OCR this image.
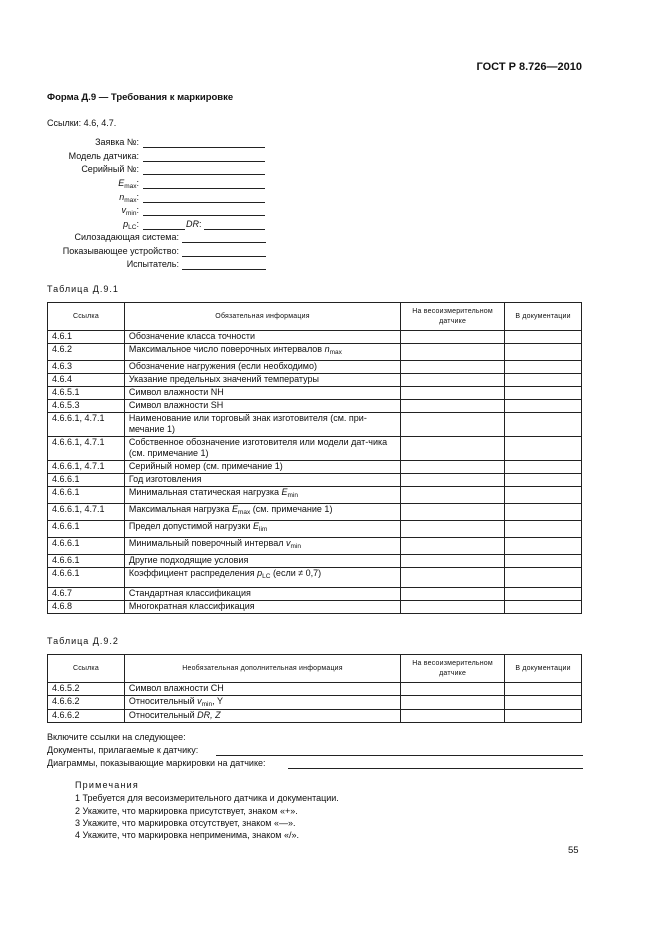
ГОСТ Р 8.726—2010
Форма Д.9 — Требования к маркировке
Ссылки: 4.6, 4.7.
Заявка №:
Модель датчика:
Серийный №:
$E_{max}$:
$n_{max}$:
$v_{min}$:
$p_{LC}$:	DR:
Силозадающая система:
Показывающее устройство:
Испытатель:
Таблица Д.9.1
Ссылка	Обязательная информация	На весоизмерительном датчике	В документации
4.6.1	Обозначение класса точности		
4.6.2	Максимальное число поверочных интервалов $n_{max}$		
4.6.3	Обозначение нагружения (если необходимо)		
4.6.4	Указание предельных значений температуры		
4.6.5.1	Символ влажности NH		
4.6.5.3	Символ влажности SH		
4.6.6.1, 4.7.1	Наименование или торговый знак изготовителя (см. при-мечание 1)		
4.6.6.1, 4.7.1	Собственное обозначение изготовителя или модели дат-чика (см. примечание 1)		
4.6.6.1, 4.7.1	Серийный номер (см. примечание 1)		
4.6.6.1	Год изготовления		
4.6.6.1	Минимальная статическая нагрузка $E_{min}$		
4.6.6.1, 4.7.1	Максимальная нагрузка $E_{max}$ (см. примечание 1)		
4.6.6.1	Предел допустимой нагрузки $E_{lim}$		
4.6.6.1	Минимальный поверочный интервал $v_{min}$		
4.6.6.1	Другие подходящие условия		
4.6.6.1	Коэффициент распределения $p_{LC}$ (если ≠ 0,7)		
4.6.7	Стандартная классификация		
4.6.8	Многократная классификация		
Таблица Д.9.2
Ссылка	Необязательная дополнительная информация	На весоизмерительном датчике	В документации
4.6.5.2	Символ влажности CH		
4.6.6.2	Относительный $v_{min}$, Y		
4.6.6.2	Относительный DR, Z		
Включите ссылки на следующее:
Документы, прилагаемые к датчику:
Диаграммы, показывающие маркировки на датчике:
Примечания
1 Требуется для весоизмерительного датчика и документации.
2 Укажите, что маркировка присутствует, знаком «+».
3 Укажите, что маркировка отсутствует, знаком «—».
4 Укажите, что маркировка неприменима, знаком «/».
55
